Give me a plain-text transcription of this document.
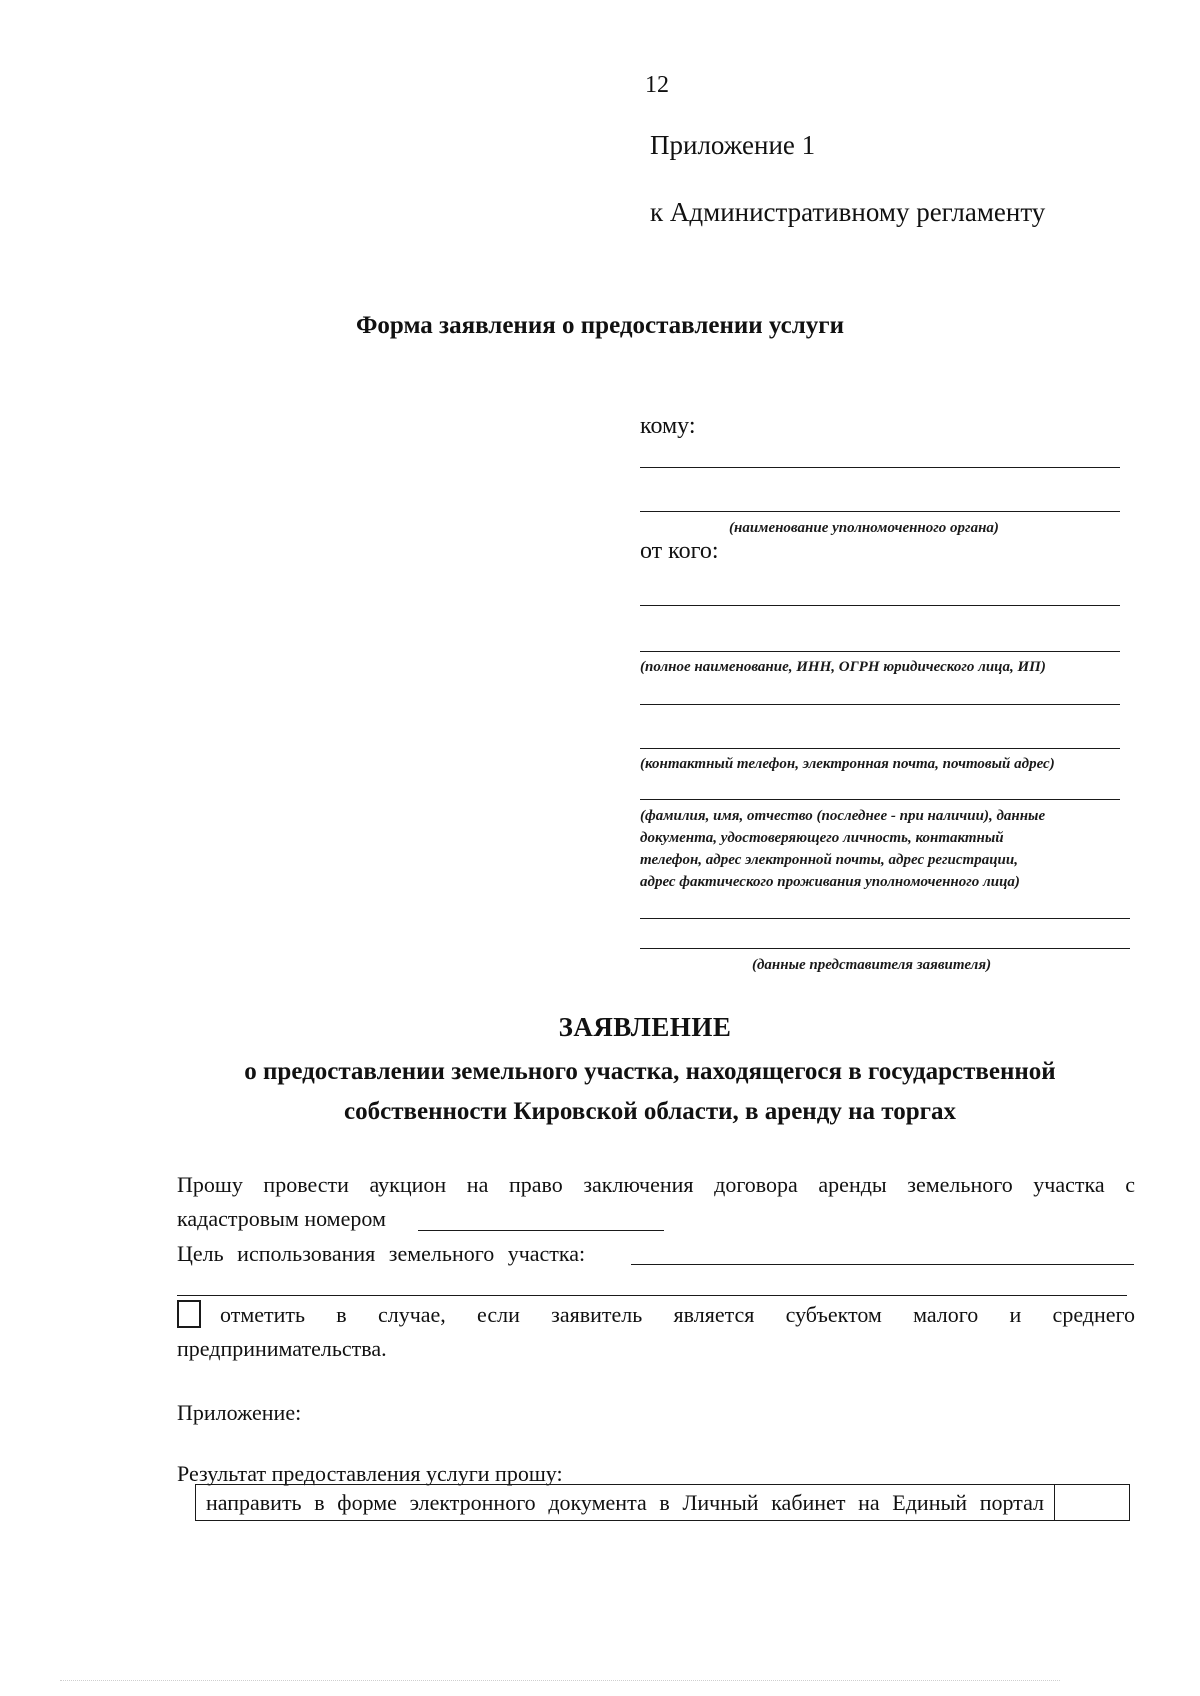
12
Приложение 1
к Административному регламенту
Форма заявления о предоставлении услуги
кому:
(наименование уполномоченного органа)
от кого:
(полное наименование, ИНН, ОГРН юридического лица, ИП)
(контактный телефон, электронная почта, почтовый адрес)
(фамилия, имя, отчество (последнее - при наличии), данные
документа, удостоверяющего личность, контактный
телефон, адрес электронной почты, адрес регистрации,
адрес фактического проживания уполномоченного лица)
(данные представителя заявителя)
ЗАЯВЛЕНИЕ
о предоставлении земельного участка, находящегося в государственной
собственности Кировской области, в аренду на торгах
Прошу провести аукцион на право заключения договора аренды земельного участка с
кадастровым номером
Цель использования земельного участка:
отметить в случае, если заявитель является субъектом малого и среднего
предпринимательства.
Приложение:
Результат предоставления услуги прошу:
направить в форме электронного документа в Личный кабинет на Единый портал	
